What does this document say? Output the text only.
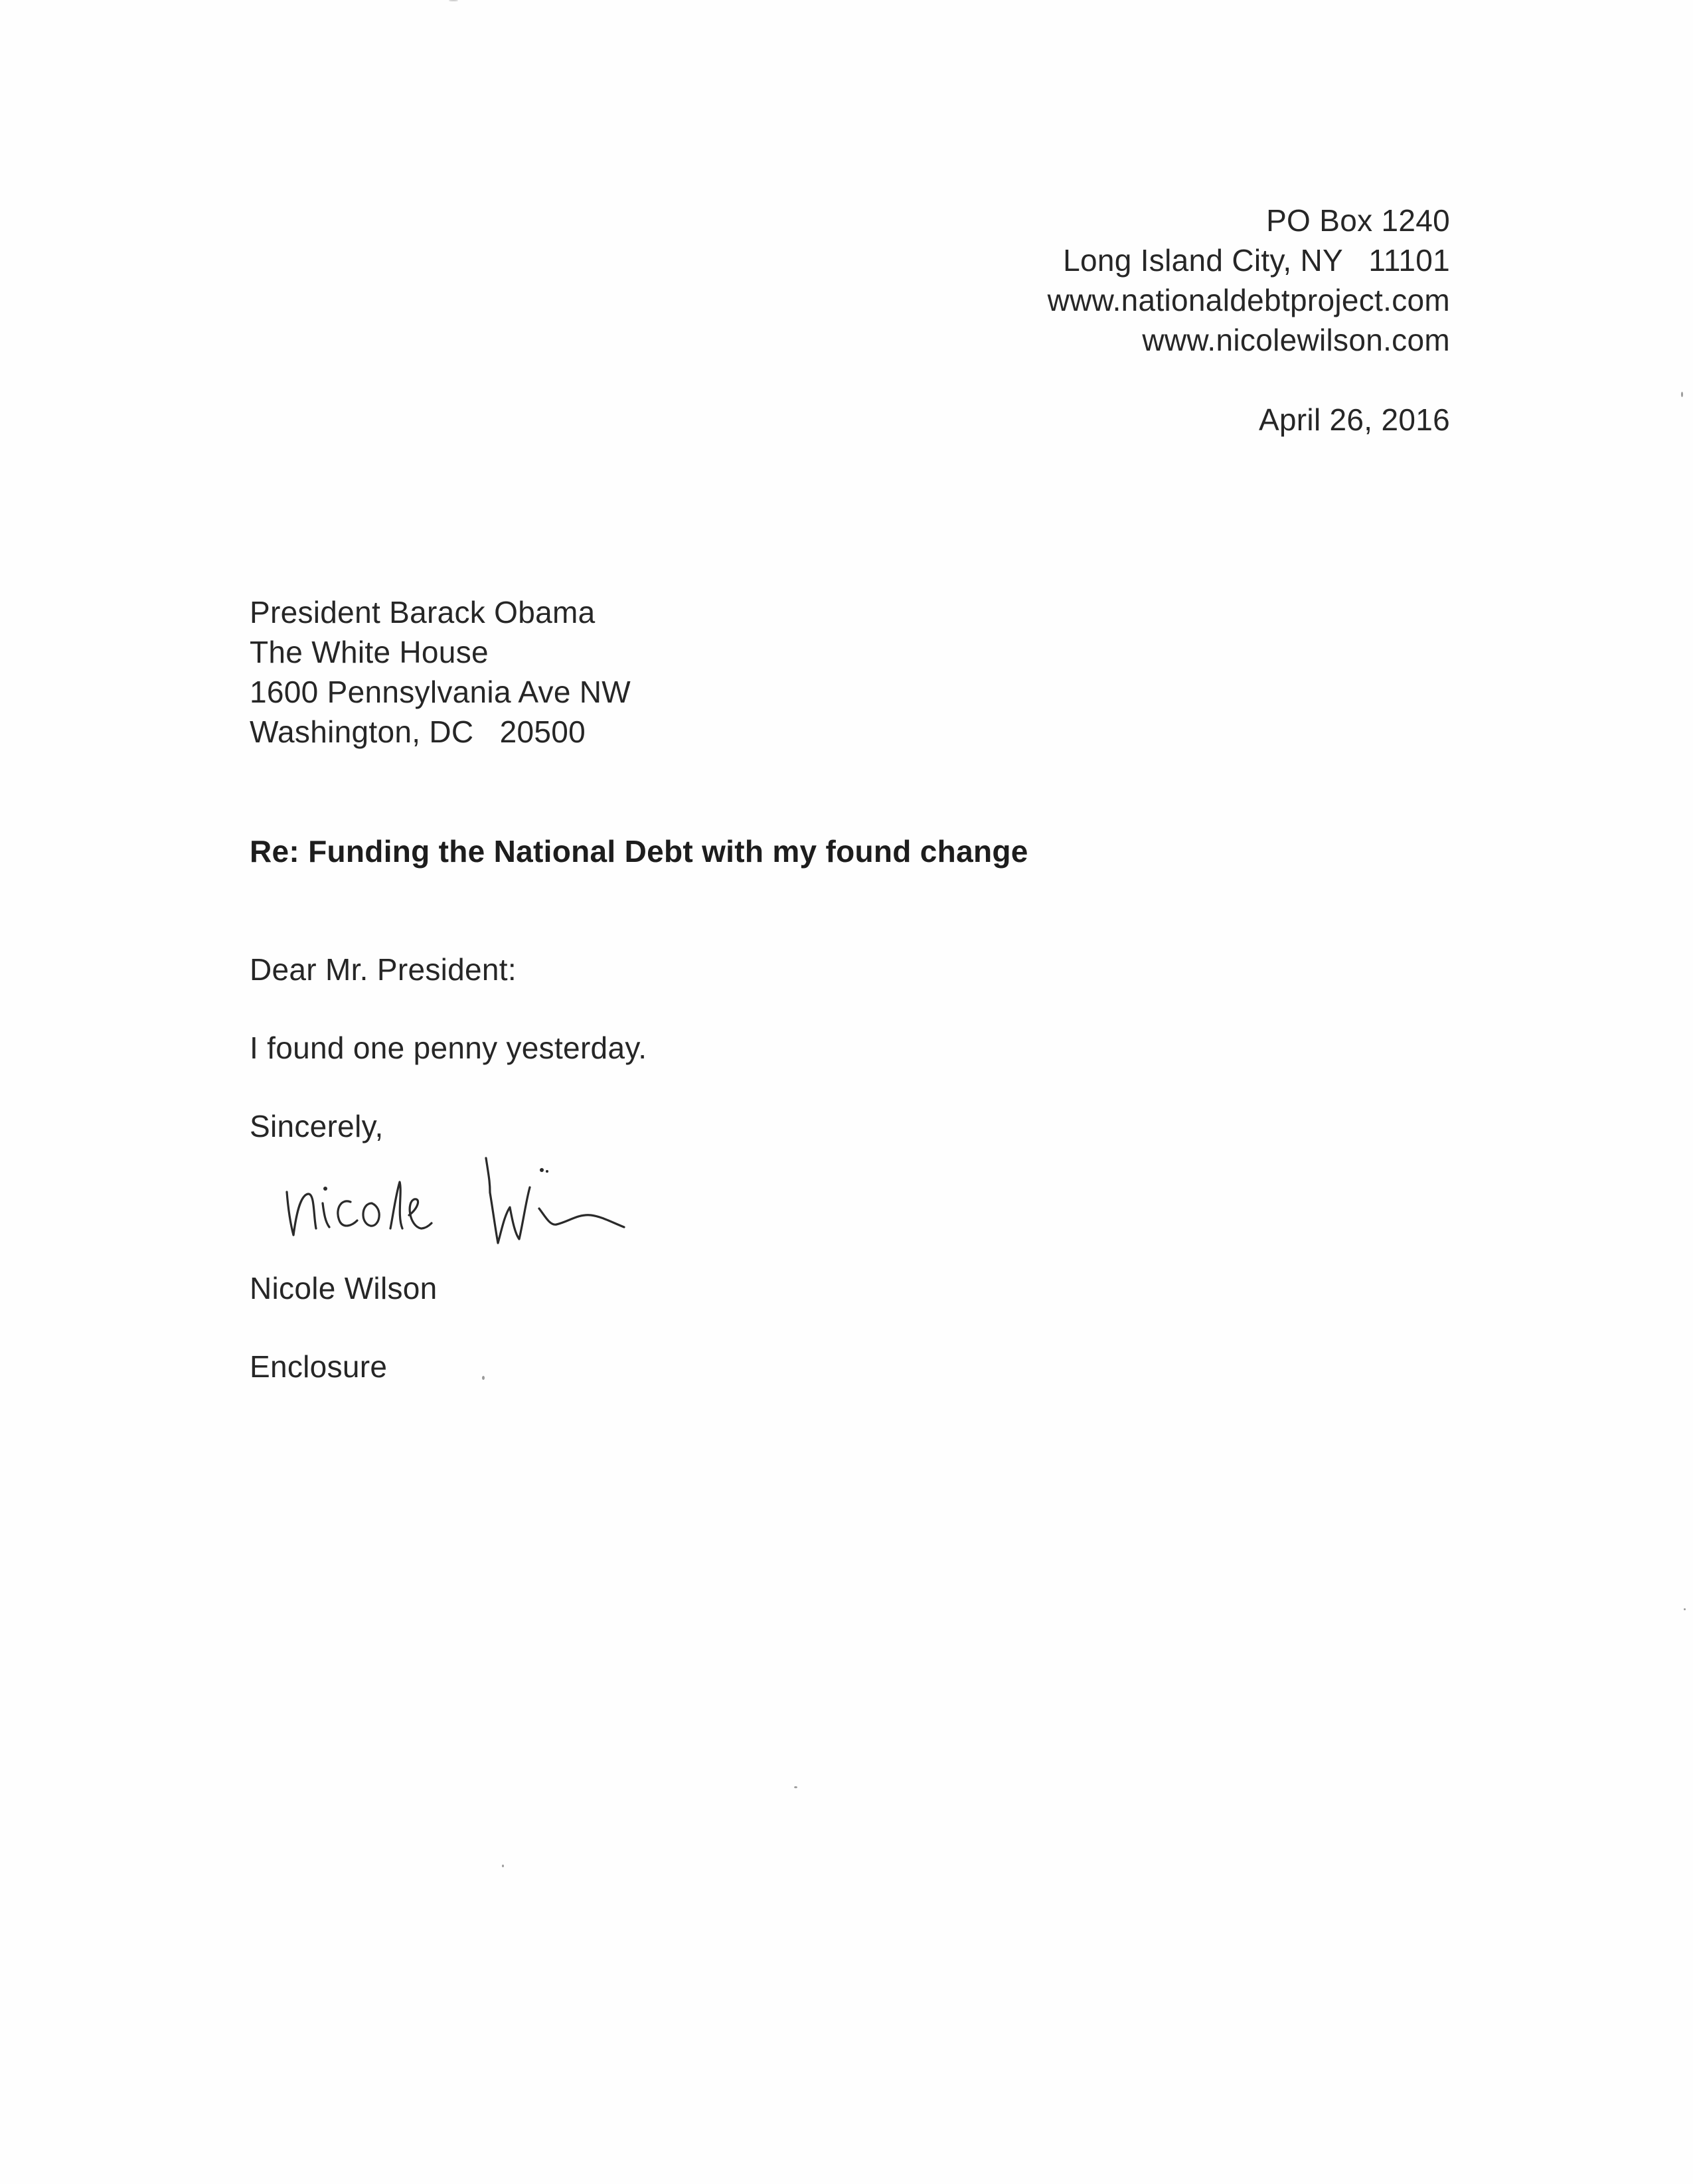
PO Box 1240
Long Island City, NY   11101
www.nationaldebtproject.com
www.nicolewilson.com
April 26, 2016
President Barack Obama
The White House
1600 Pennsylvania Ave NW
Washington, DC   20500
Re: Funding the National Debt with my found change
Dear Mr. President:
I found one penny yesterday.
Sincerely,
Nicole Wilson
Enclosure
